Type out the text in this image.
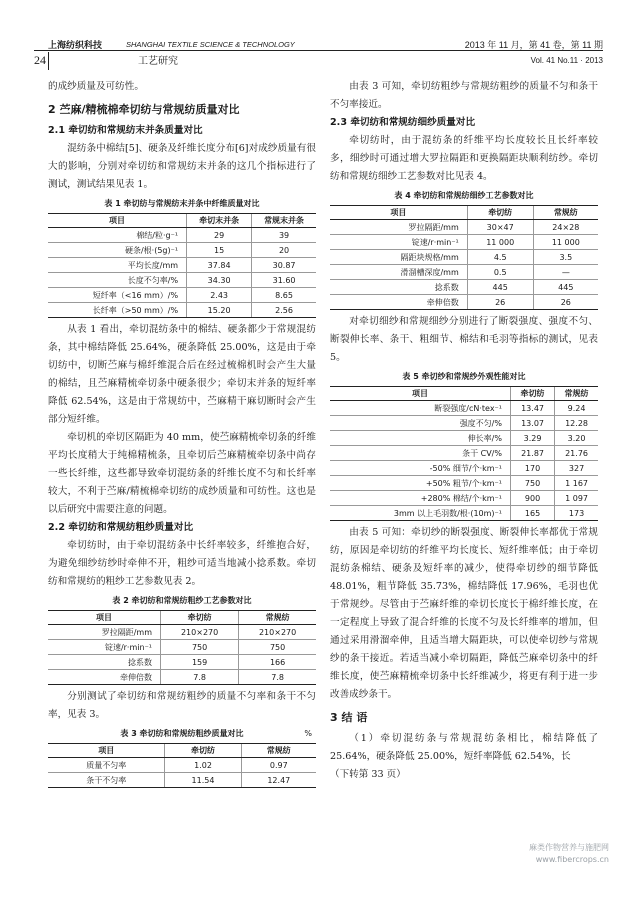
上海纺织科技	SHANGHAI TEXTILE SCIENCE & TECHNOLOGY	2013 年 11 月，第 41 卷，第 11 期
24	工艺研究	Vol. 41 No.11 · 2013

的成纱质量及可纺性。

2 苎麻/精梳棉牵切纺与常规纺质量对比
2.1 牵切纺和常规纺末并条质量对比

混纺条中棉结[5]、硬条及纤维长度分布[6]对成纱质量有很大的影响，分别对牵切纺和常规纺末并条的这几个指标进行了测试，测试结果见表 1。

表 1 牵切纺与常规纺末并条中纤维质量对比
项目	牵切末并条	常规末并条
棉结/粒·g⁻¹	29	39
硬条/根·(5g)⁻¹	15	20
平均长度/mm	37.84	30.87
长度不匀率/%	34.30	31.60
短纤率（<16 mm）/%	2.43	8.65
长纤率（>50 mm）/%	15.20	2.56

从表 1 看出，牵切混纺条中的棉结、硬条都少于常规混纺条，其中棉结降低 25.64%，硬条降低 25.00%，这是由于牵切纺中，切断苎麻与棉纤维混合后在经过梳棉机时会产生大量的棉结，且苎麻精梳牵切条中硬条很少；牵切末并条的短纤率降低 62.54%，这是由于常规纺中，苎麻精干麻切断时会产生部分短纤维。

牵切机的牵切区隔距为 40 mm，使苎麻精梳牵切条的纤维平均长度稍大于纯棉精梳条，且牵切后苎麻精梳牵切条中尚存一些长纤维，这些都导致牵切混纺条的纤维长度不匀和长纤率较大，不利于苎麻/精梳棉牵切纺的成纱质量和可纺性。这也是以后研究中需要注意的问题。

2.2 牵切纺和常规纺粗纱质量对比

牵切纺时，由于牵切混纺条中长纤率较多，纤维抱合好，为避免细纱纺纱时牵伸不开，粗纱可适当地减小捻系数。牵切纺和常规纺的粗纱工艺参数见表 2。

表 2 牵切纺和常规纺粗纱工艺参数对比
项目	牵切纺	常规纺
罗拉隔距/mm	210×270	210×270
锭速/r·min⁻¹	750	750
捻系数	159	166
牵伸倍数	7.8	7.8

分别测试了牵切纺和常规纺粗纱的质量不匀率和条干不匀率，见表 3。

表 3 牵切纺和常规纺粗纱质量对比	%
项目	牵切纺	常规纺
质量不匀率	1.02	0.97
条干不匀率	11.54	12.47

由表 3 可知，牵切纺粗纱与常规纺粗纱的质量不匀和条干不匀率接近。

2.3 牵切纺和常规纺细纱质量对比

牵切纺时，由于混纺条的纤维平均长度较长且长纤率较多，细纱时可通过增大罗拉隔距和更换隔距块顺利纺纱。牵切纺和常规纺细纱工艺参数对比见表 4。

表 4 牵切纺和常规纺细纱工艺参数对比
项目	牵切纺	常规纺
罗拉隔距/mm	30×47	24×28
锭速/r·min⁻¹	11 000	11 000
隔距块规格/mm	4.5	3.5
滑溜槽深度/mm	0.5	—
捻系数	445	445
牵伸倍数	26	26

对牵切细纱和常规细纱分别进行了断裂强度、强度不匀、断裂伸长率、条干、粗细节、棉结和毛羽等指标的测试，见表 5。

表 5 牵切纱和常规纱外观性能对比
项目	牵切纺	常规纺
断裂强度/cN·tex⁻¹	13.47	9.24
强度不匀/%	13.07	12.28
伸长率/%	3.29	3.20
条干 CV/%	21.87	21.76
-50% 细节/个·km⁻¹	170	327
+50% 粗节/个·km⁻¹	750	1 167
+280% 棉结/个·km⁻¹	900	1 097
3mm 以上毛羽数/根·(10m)⁻¹	165	173

由表 5 可知：牵切纱的断裂强度、断裂伸长率都优于常规纺，原因是牵切纺的纤维平均长度长、短纤维率低；由于牵切混纺条棉结、硬条及短纤率的减少，使得牵切纱的细节降低 48.01%，粗节降低 35.73%，棉结降低 17.96%，毛羽也优于常规纱。尽管由于苎麻纤维的牵切长度长于棉纤维长度，在一定程度上导致了混合纤维的长度不匀及长纤维率的增加，但通过采用滑溜牵伸，且适当增大隔距块，可以使牵切纱与常规纱的条干接近。若适当减小牵切隔距，降低苎麻牵切条中的纤维长度，使苎麻精梳牵切条中长纤维减少，将更有利于进一步改善成纱条干。

3 结 语

（1）牵切混纺条与常规混纺条相比，棉结降低了 25.64%，硬条降低 25.00%，短纤率降低 62.54%，长

（下转第 33 页）

麻类作物营养与施肥网
www.fibercrops.cn
